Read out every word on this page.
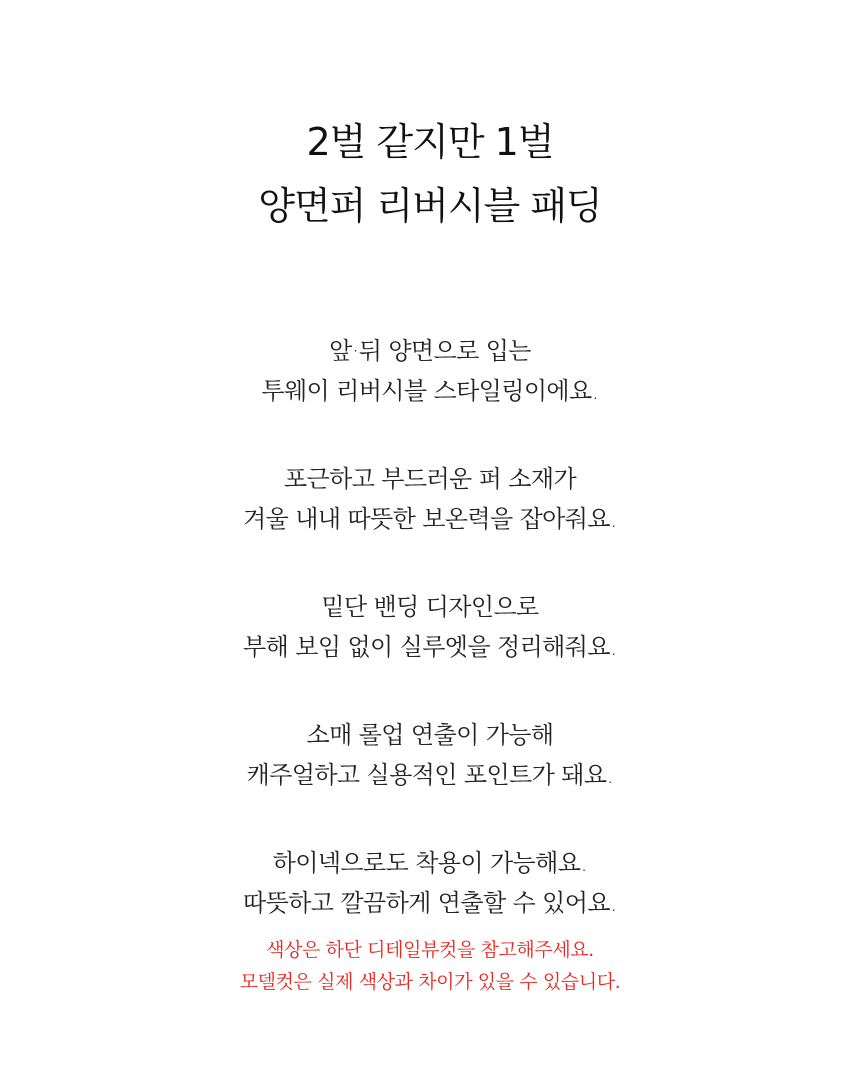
2벌 같지만 1벌
양면퍼 리버시블 패딩

앞·뒤 양면으로 입는
투웨이 리버시블 스타일링이에요.

포근하고 부드러운 퍼 소재가
겨울 내내 따뜻한 보온력을 잡아줘요.

밑단 밴딩 디자인으로
부해 보임 없이 실루엣을 정리해줘요.

소매 롤업 연출이 가능해
캐주얼하고 실용적인 포인트가 돼요.

하이넥으로도 착용이 가능해요.
따뜻하고 깔끔하게 연출할 수 있어요.

색상은 하단 디테일뷰컷을 참고해주세요.
모델컷은 실제 색상과 차이가 있을 수 있습니다.
